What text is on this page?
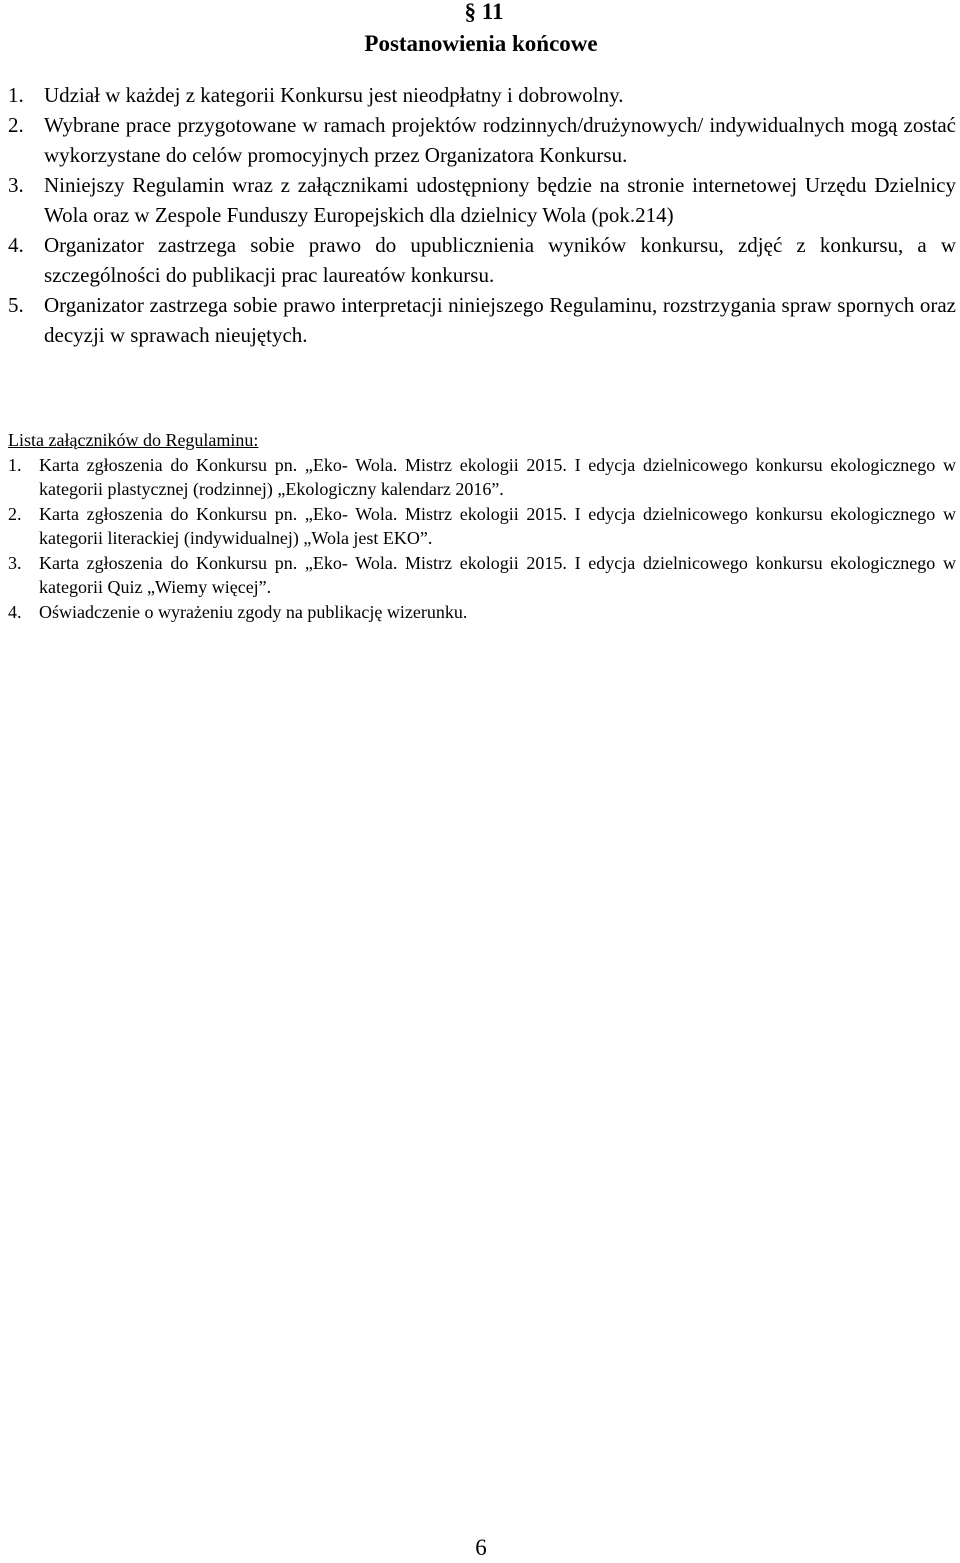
§ 11
Postanowienia końcowe
1. Udział w każdej z kategorii Konkursu jest nieodpłatny i dobrowolny.
2. Wybrane prace przygotowane w ramach projektów rodzinnych/drużynowych/ indywidualnych mogą zostać wykorzystane do celów promocyjnych przez Organizatora Konkursu.
3. Niniejszy Regulamin wraz z załącznikami udostępniony będzie na stronie internetowej Urzędu Dzielnicy Wola oraz w Zespole Funduszy Europejskich dla dzielnicy Wola (pok.214)
4. Organizator zastrzega sobie prawo do upublicznienia wyników konkursu, zdjęć z konkursu, a w szczególności do publikacji prac laureatów konkursu.
5. Organizator zastrzega sobie prawo interpretacji niniejszego Regulaminu, rozstrzygania spraw spornych oraz decyzji w sprawach nieujętych.
Lista załączników do Regulaminu:
1. Karta zgłoszenia do Konkursu pn. „Eko- Wola. Mistrz ekologii 2015. I edycja dzielnicowego konkursu ekologicznego w kategorii plastycznej (rodzinnej) „Ekologiczny kalendarz 2016”.
2. Karta zgłoszenia do Konkursu pn. „Eko- Wola. Mistrz ekologii 2015. I edycja dzielnicowego konkursu ekologicznego w kategorii literackiej (indywidualnej) „Wola jest EKO”.
3. Karta zgłoszenia do Konkursu pn. „Eko- Wola. Mistrz ekologii 2015. I edycja dzielnicowego konkursu ekologicznego w kategorii Quiz „Wiemy więcej”.
4. Oświadczenie o wyrażeniu zgody na publikację wizerunku.
6
